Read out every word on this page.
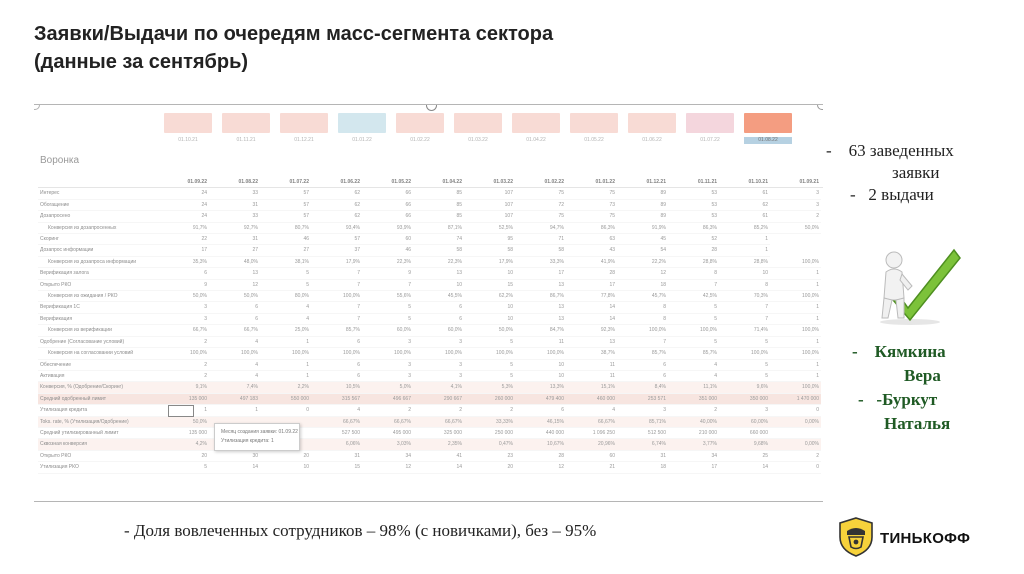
Заявки/Выдачи по очередям масс-сегмента сектора
(данные за сентябрь)
01.10.21	01.11.21	01.12.21	01.01.22	01.02.22	01.03.22	01.04.22	01.05.22	01.06.22	01.07.22	01.08.22
Воронка
	01.09.22	01.08.22	01.07.22	01.06.22	01.05.22	01.04.22	01.03.22	01.02.22	01.01.22	01.12.21	01.11.21	01.10.21	01.09.21	
Интерес	24	33	57	62	66	85	107	75	75	89	53	61	3	
Обогащение	24	31	57	62	66	85	107	72	73	89	53	62	3	
Дозапросено	24	33	57	62	66	85	107	75	75	89	53	61	2	
Конверсия из дозапросенных	91,7%	92,7%	80,7%	93,4%	93,9%	87,1%	52,5%	94,7%	86,3%	91,9%	86,3%	85,2%	50,0%	
Скоринг	22	31	46	57	60	74	95	71	63	45	52	1		
Дозапрос информации	17	27	27	37	46	58	58	58	43	54	28	1		
Конверсия из дозапроса информации	35,3%	48,0%	38,1%	17,9%	22,3%	22,3%	17,9%	33,3%	41,9%	22,2%	28,8%	28,8%	100,0%	
Верификация залога	6	13	5	7	9	13	10	17	28	12	8	10	1	
Открыто РКО	9	12	5	7	7	10	15	13	17	18	7	8	1	
Конверсия из ожидания / РКО	50,0%	50,0%	80,0%	100,0%	55,6%	45,5%	62,2%	86,7%	77,8%	45,7%	42,5%	70,3%	100,0%	
Верификация 1С	3	6	4	7	5	6	10	13	14	8	5	7	1	
Верификация	3	6	4	7	5	6	10	13	14	8	5	7	1	
Конверсия из верификации	66,7%	66,7%	25,0%	85,7%	60,0%	60,0%	50,0%	84,7%	92,3%	100,0%	100,0%	71,4%	100,0%	
Одобрение (Согласование условий)	2	4	1	6	3	3	5	11	13	7	5	5	1	
Конверсия на согласовании условий	100,0%	100,0%	100,0%	100,0%	100,0%	100,0%	100,0%	100,0%	38,7%	85,7%	85,7%	100,0%	100,0%	
Обеспечение	2	4	1	6	3	3	5	10	11	6	4	5	1	
Активация	2	4	1	6	3	3	5	10	11	6	4	5	1	
Конверсия, % (Одобрение/Скоринг)	9,1%	7,4%	2,2%	10,5%	5,0%	4,1%	5,3%	13,3%	15,1%	8,4%	11,1%	9,6%	100,0%	
Средний одобренный лимит	135 000	497 183	550 000	315 567	496 667	290 667	260 000	479 400	460 000	253 571	351 000	350 000	1 470 000	
Утилизация кредита	1	1	0	4	2	2	2	6	4	3	2	3	0	
Toks. rate, % (Утилизация/Одобрение)	50,0%			66,67%	66,67%	66,67%	33,33%	46,15%	66,67%	85,71%	40,00%	60,00%	0,00%	
Средний утилизированный лимит	135 000			527 500	495 000	325 000	250 000	440 000	1 096 250	512 500	210 000	660 000		
Сквозная конверсия	4,2%			6,06%	3,03%	2,35%	0,47%	10,67%	20,96%	6,74%	3,77%	9,68%	0,00%	
Открыто РКО	20	30	20	31	34	41	23	28	60	31	34	25	2	
Утилизация РКО	5	14	10	15	12	14	20	12	21	18	17	14	0	
Месяц создания заявки: 01.09.22
Утилизация кредита: 1
- 63 заведенных
заявки
- 2 выдачи
- Кямкина
Вера
- -Буркут
Наталья
- Доля вовлеченных сотрудников – 98% (с новичками), без – 95%	ТИНЬКОФФ
